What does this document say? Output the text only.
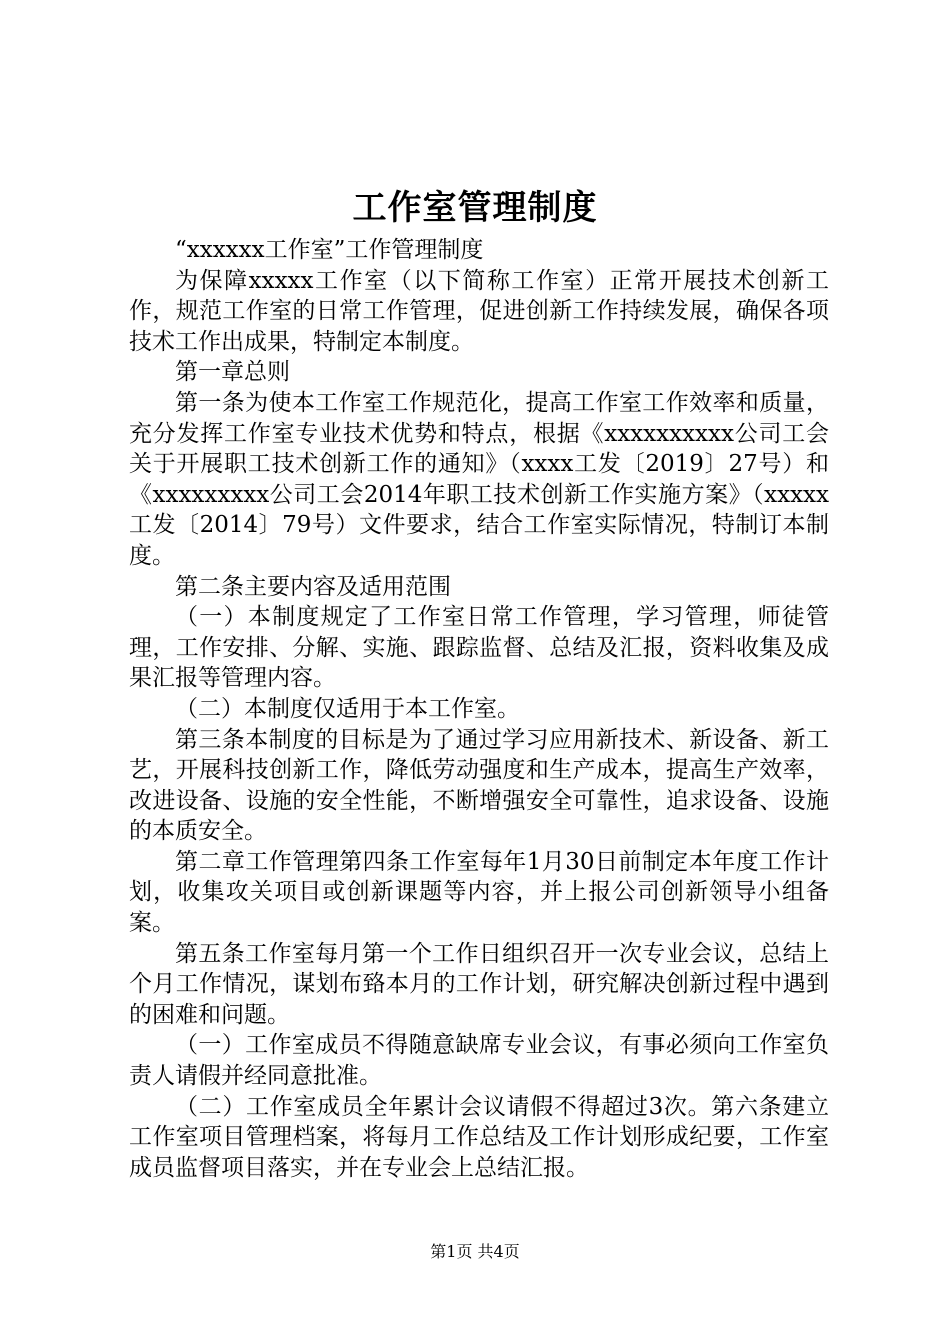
工作室管理制度

“xxxxxx工作室”工作管理制度

为保障xxxxx工作室（以下简称工作室）正常开展技术创新工作，规范工作室的日常工作管理，促进创新工作持续发展，确保各项技术工作出成果，特制定本制度。

第一章总则

第一条为使本工作室工作规范化，提高工作室工作效率和质量，充分发挥工作室专业技术优势和特点，根据《xxxxxxxxxx公司工会关于开展职工技术创新工作的通知》（xxxx工发〔2019〕27号）和《xxxxxxxxx公司工会2014年职工技术创新工作实施方案》（xxxxx工发〔2014〕79号）文件要求，结合工作室实际情况，特制订本制度。

第二条主要内容及适用范围

（一）本制度规定了工作室日常工作管理，学习管理，师徒管理，工作安排、分解、实施、跟踪监督、总结及汇报，资料收集及成果汇报等管理内容。

（二）本制度仅适用于本工作室。

第三条本制度的目标是为了通过学习应用新技术、新设备、新工艺，开展科技创新工作，降低劳动强度和生产成本，提高生产效率，改进设备、设施的安全性能，不断增强安全可靠性，追求设备、设施的本质安全。

第二章工作管理第四条工作室每年1月30日前制定本年度工作计划，收集攻关项目或创新课题等内容，并上报公司创新领导小组备案。

第五条工作室每月第一个工作日组织召开一次专业会议，总结上个月工作情况，谋划布臵本月的工作计划，研究解决创新过程中遇到的困难和问题。

（一）工作室成员不得随意缺席专业会议，有事必须向工作室负责人请假并经同意批准。

（二）工作室成员全年累计会议请假不得超过3次。第六条建立工作室项目管理档案，将每月工作总结及工作计划形成纪要，工作室成员监督项目落实，并在专业会上总结汇报。

第1页 共4页
